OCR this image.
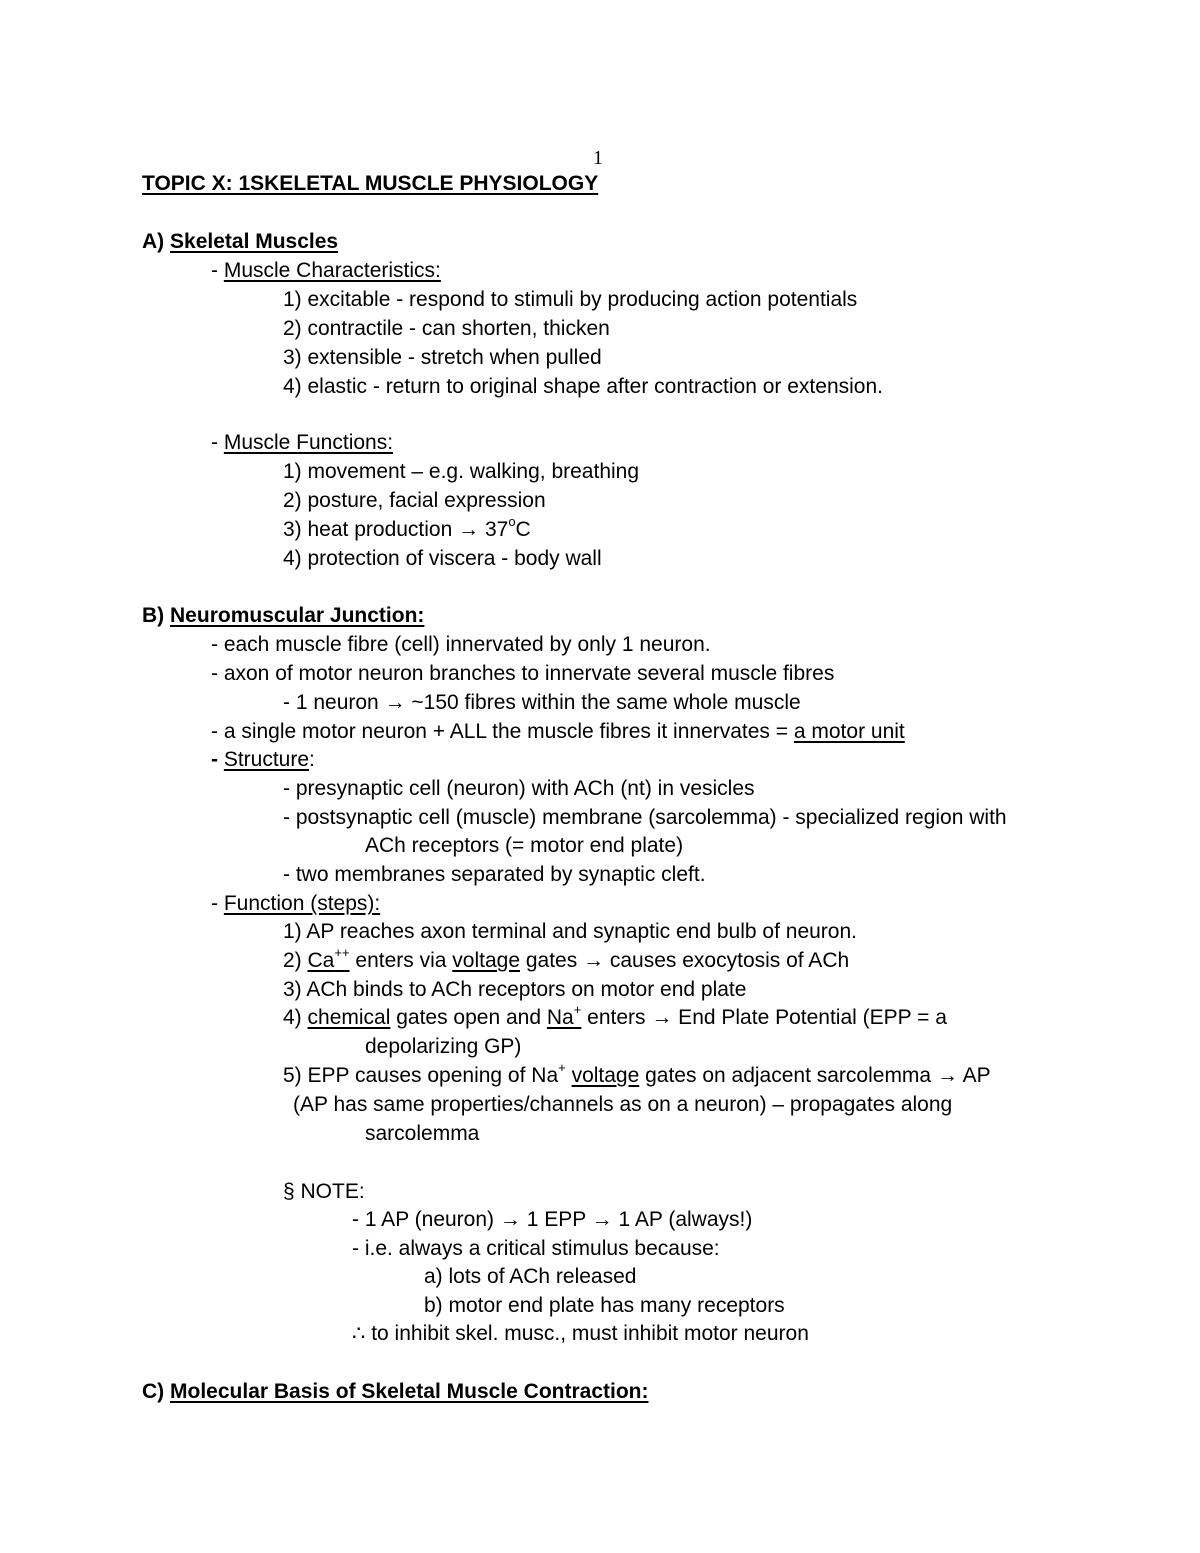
1
TOPIC X: 1SKELETAL MUSCLE PHYSIOLOGY
A) Skeletal Muscles
- Muscle Characteristics:
1) excitable - respond to stimuli by producing action potentials
2) contractile - can shorten, thicken
3) extensible - stretch when pulled
4) elastic - return to original shape after contraction or extension.
- Muscle Functions:
1) movement – e.g. walking, breathing
2) posture, facial expression
3) heat production → $37^oC$
4) protection of viscera - body wall
B) Neuromuscular Junction:
- each muscle fibre (cell) innervated by only 1 neuron.
- axon of motor neuron branches to innervate several muscle fibres
- 1 neuron → ~150 fibres within the same whole muscle
- a single motor neuron + ALL the muscle fibres it innervates = a motor unit
- Structure:
- presynaptic cell (neuron) with ACh (nt) in vesicles
- postsynaptic cell (muscle) membrane (sarcolemma) - specialized region with
ACh receptors (= motor end plate)
- two membranes separated by synaptic cleft.
- Function (steps):
1) AP reaches axon terminal and synaptic end bulb of neuron.
2) Ca++ enters via voltage gates → causes exocytosis of ACh
3) ACh binds to ACh receptors on motor end plate
4) chemical gates open and Na+ enters → End Plate Potential (EPP = a
depolarizing GP)
5) EPP causes opening of Na+ voltage gates on adjacent sarcolemma → AP
(AP has same properties/channels as on a neuron) – propagates along
sarcolemma
§ NOTE:
- 1 AP (neuron) → 1 EPP → 1 AP (always!)
- i.e. always a critical stimulus because:
a) lots of ACh released
b) motor end plate has many receptors
∴ to inhibit skel. musc., must inhibit motor neuron
C) Molecular Basis of Skeletal Muscle Contraction:
